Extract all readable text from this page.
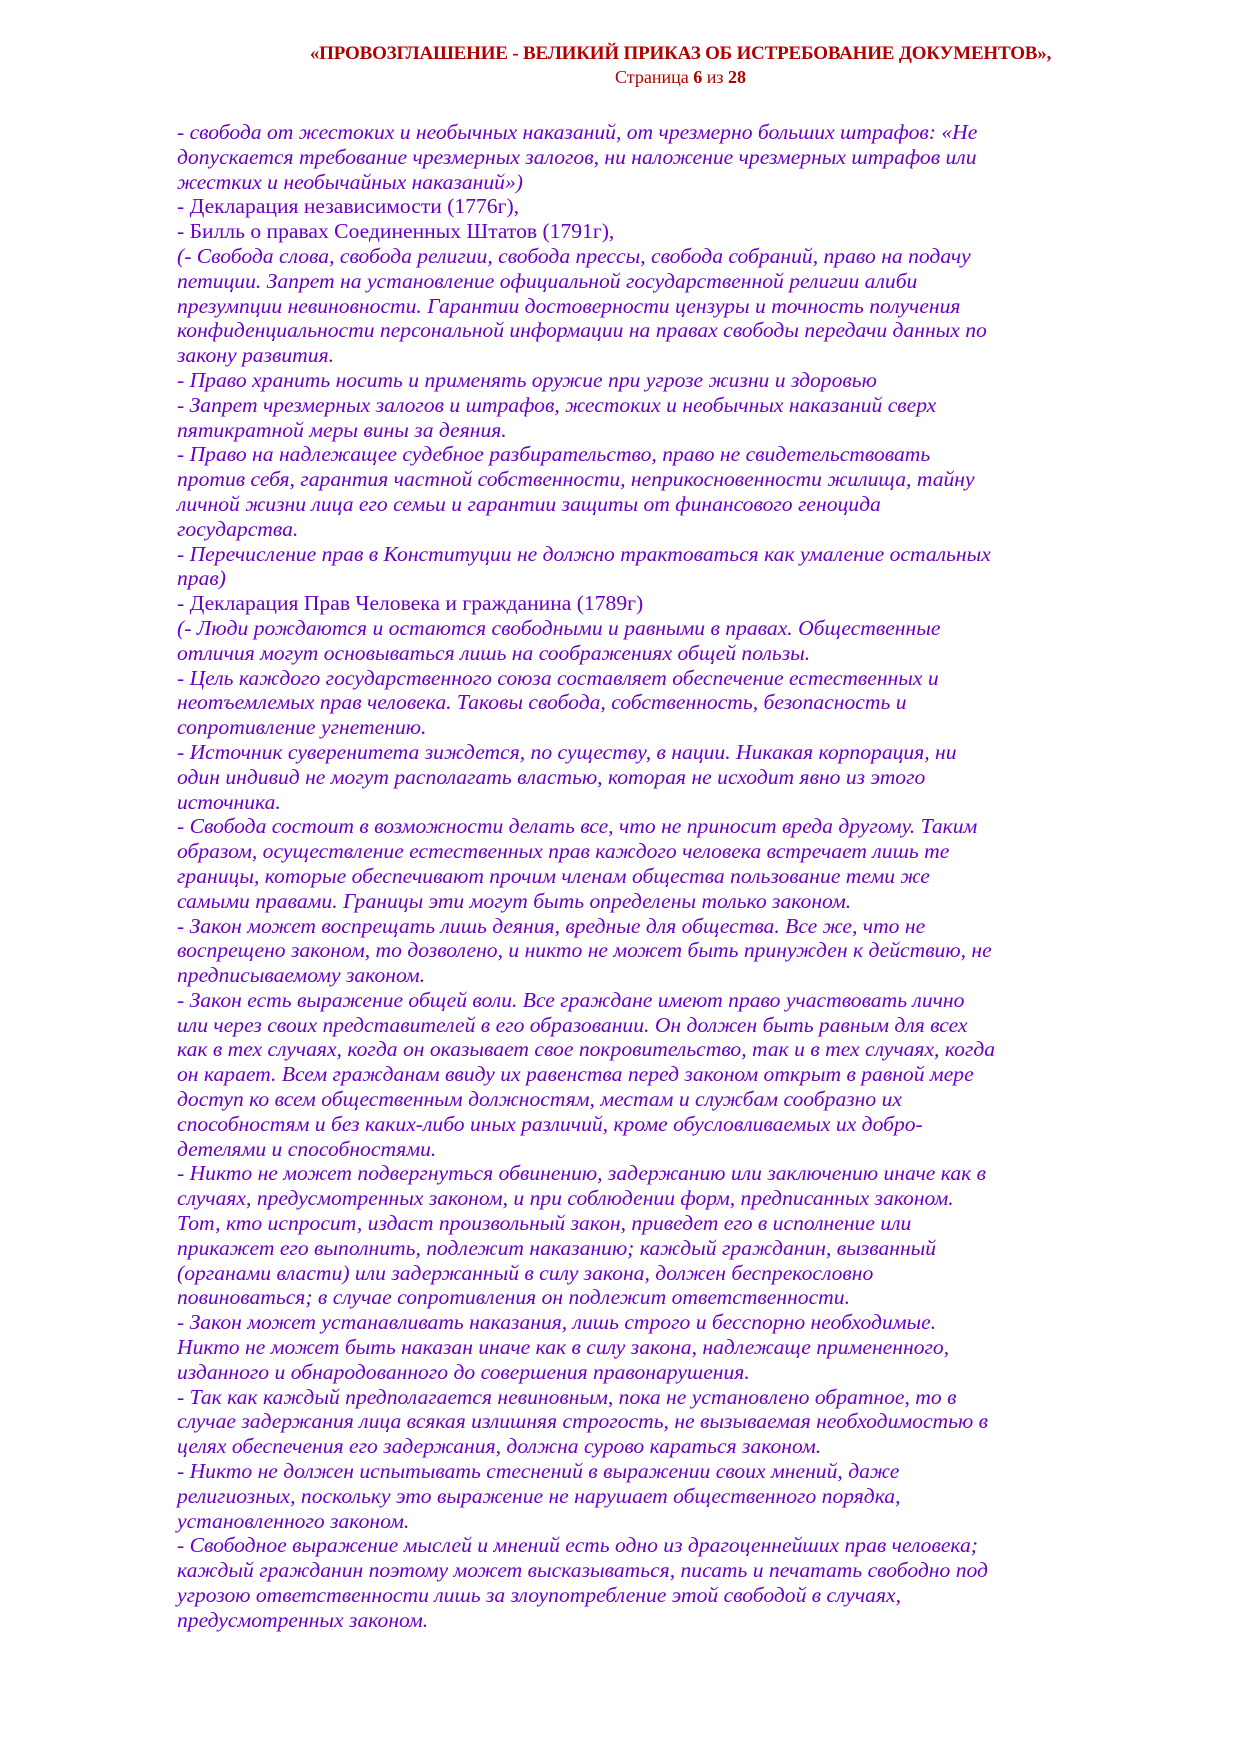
«ПРОВОЗГЛАШЕНИЕ - ВЕЛИКИЙ ПРИКАЗ ОБ ИСТРЕБОВАНИЕ ДОКУМЕНТОВ»,
Страница 6 из 28
- свобода от жестоких и необычных наказаний, от чрезмерно больших штрафов: «Не
допускается требование чрезмерных залогов, ни наложение чрезмерных штрафов или
жестких и необычайных наказаний»)
- Декларация независимости (1776г),
- Билль о правах Соединенных Штатов (1791г),
(- Свобода слова, свобода религии, свобода прессы, свобода собраний, право на подачу
петиции. Запрет на установление официальной государственной религии алиби
презумпции невиновности. Гарантии достоверности цензуры и точность получения
конфиденциальности персональной информации на правах свободы передачи данных по
закону развития.
- Право хранить носить и применять оружие при угрозе жизни и здоровью
- Запрет чрезмерных залогов и штрафов, жестоких и необычных наказаний сверх
пятикратной меры вины за деяния.
- Право на надлежащее судебное разбирательство, право не свидетельствовать
против себя, гарантия частной собственности, неприкосновенности жилища, тайну
личной жизни лица его семьи и гарантии защиты от финансового геноцида
государства.
- Перечисление прав в Конституции не должно трактоваться как умаление остальных
прав)
- Декларация Прав Человека и гражданина (1789г)
(- Люди рождаются и остаются свободными и равными в правах. Общественные
отличия могут основываться лишь на соображениях общей пользы.
- Цель каждого государственного союза составляет обеспечение естественных и
неотъемлемых прав человека. Таковы свобода, собственность, безопасность и
сопротивление угнетению.
- Источник суверенитета зиждется, по существу, в нации. Никакая корпорация, ни
один индивид не могут располагать властью, которая не исходит явно из этого
источника.
- Свобода состоит в возможности делать все, что не приносит вреда другому. Таким
образом, осуществление естественных прав каждого человека встречает лишь те
границы, которые обеспечивают прочим членам общества пользование теми же
самыми правами. Границы эти могут быть определены только законом.
- Закон может воспрещать лишь деяния, вредные для общества. Все же, что не
воспрещено законом, то дозволено, и никто не может быть принужден к действию, не
предписываемому законом.
- Закон есть выражение общей воли. Все граждане имеют право участвовать лично
или через своих представителей в его образовании. Он должен быть равным для всех
как в тех случаях, когда он оказывает свое покровительство, так и в тех случаях, когда
он карает. Всем гражданам ввиду их равенства перед законом открыт в равной мере
доступ ко всем общественным должностям, местам и службам сообразно их
способностям и без каких-либо иных различий, кроме обусловливаемых их добро-
детелями и способностями.
- Никто не может подвергнуться обвинению, задержанию или заключению иначе как в
случаях, предусмотренных законом, и при соблюдении форм, предписанных законом.
Тот, кто испросит, издаст произвольный закон, приведет его в исполнение или
прикажет его выполнить, подлежит наказанию; каждый гражданин, вызванный
(органами власти) или задержанный в силу закона, должен беспрекословно
повиноваться; в случае сопротивления он подлежит ответственности.
- Закон может устанавливать наказания, лишь строго и бесспорно необходимые.
Никто не может быть наказан иначе как в силу закона, надлежаще примененного,
изданного и обнародованного до совершения правонарушения.
- Так как каждый предполагается невиновным, пока не установлено обратное, то в
случае задержания лица всякая излишняя строгость, не вызываемая необходимостью в
целях обеспечения его задержания, должна сурово караться законом.
- Никто не должен испытывать стеснений в выражении своих мнений, даже
религиозных, поскольку это выражение не нарушает общественного порядка,
установленного законом.
- Свободное выражение мыслей и мнений есть одно из драгоценнейших прав человека;
каждый гражданин поэтому может высказываться, писать и печатать свободно под
угрозою ответственности лишь за злоупотребление этой свободой в случаях,
предусмотренных законом.
